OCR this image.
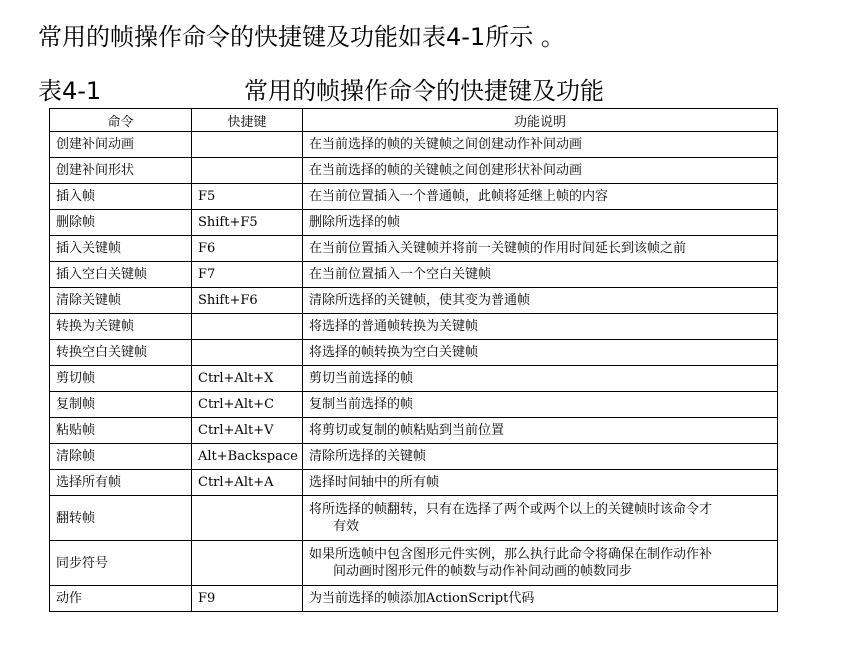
常用的帧操作命令的快捷键及功能如表4-1所示 。
表4-1	常用的帧操作命令的快捷键及功能
命令	快捷键	功能说明
创建补间动画		在当前选择的帧的关键帧之间创建动作补间动画
创建补间形状		在当前选择的帧的关键帧之间创建形状补间动画
插入帧	F5	在当前位置插入一个普通帧，此帧将延继上帧的内容
删除帧	Shift+F5	删除所选择的帧
插入关键帧	F6	在当前位置插入关键帧并将前一关键帧的作用时间延长到该帧之前
插入空白关键帧	F7	在当前位置插入一个空白关键帧
清除关键帧	Shift+F6	清除所选择的关键帧，使其变为普通帧
转换为关键帧		将选择的普通帧转换为关键帧
转换空白关键帧		将选择的帧转换为空白关键帧
剪切帧	Ctrl+Alt+X	剪切当前选择的帧
复制帧	Ctrl+Alt+C	复制当前选择的帧
粘贴帧	Ctrl+Alt+V	将剪切或复制的帧粘贴到当前位置
清除帧	Alt+Backspace	清除所选择的关键帧
选择所有帧	Ctrl+Alt+A	选择时间轴中的所有帧
翻转帧		将所选择的帧翻转，只有在选择了两个或两个以上的关键帧时该命令才
有效

同步符号		如果所选帧中包含图形元件实例，那么执行此命令将确保在制作动作补
间动画时图形元件的帧数与动作补间动画的帧数同步

动作	F9	为当前选择的帧添加ActionScript代码
